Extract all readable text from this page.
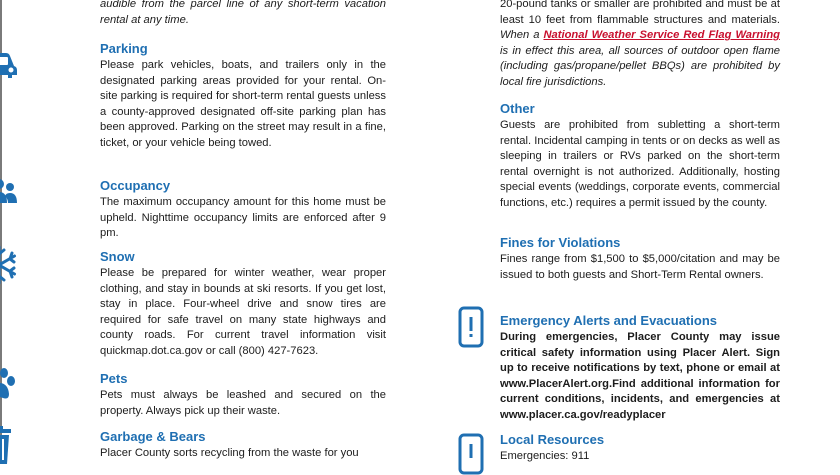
audible from the parcel line of any short-term vacation rental at any time.

Parking

Please park vehicles, boats, and trailers only in the designated parking areas provided for your rental. On-site parking is required for short-term rental guests unless a county-approved designated off-site parking plan has been approved. Parking on the street may result in a fine, ticket, or your vehicle being towed.

Occupancy

The maximum occupancy amount for this home must be upheld. Nighttime occupancy limits are enforced after 9 pm.

Snow

Please be prepared for winter weather, wear proper clothing, and stay in bounds at ski resorts. If you get lost, stay in place. Four-wheel drive and snow tires are required for safe travel on many state highways and county roads. For current travel information visit quickmap.dot.ca.gov or call (800) 427-7623.

Pets

Pets must always be leashed and secured on the property. Always pick up their waste.

Garbage & Bears

Placer County sorts recycling from the waste for you

20-pound tanks or smaller are prohibited and must be at least 10 feet from flammable structures and materials. When a National Weather Service Red Flag Warning is in effect this area, all sources of outdoor open flame (including gas/propane/pellet BBQs) are prohibited by local fire jurisdictions.

Other

Guests are prohibited from subletting a short-term rental. Incidental camping in tents or on decks as well as sleeping in trailers or RVs parked on the short-term rental overnight is not authorized. Additionally, hosting special events (weddings, corporate events, commercial functions, etc.) requires a permit issued by the county.

Fines for Violations

Fines range from $1,500 to $5,000/citation and may be issued to both guests and Short-Term Rental owners.

Emergency Alerts and Evacuations

During emergencies, Placer County may issue critical safety information using Placer Alert. Sign up to receive notifications by text, phone or email at www.PlacerAlert.org.Find additional information for current conditions, incidents, and emergencies at www.placer.ca.gov/readyplacer

Local Resources

Emergencies: 911
